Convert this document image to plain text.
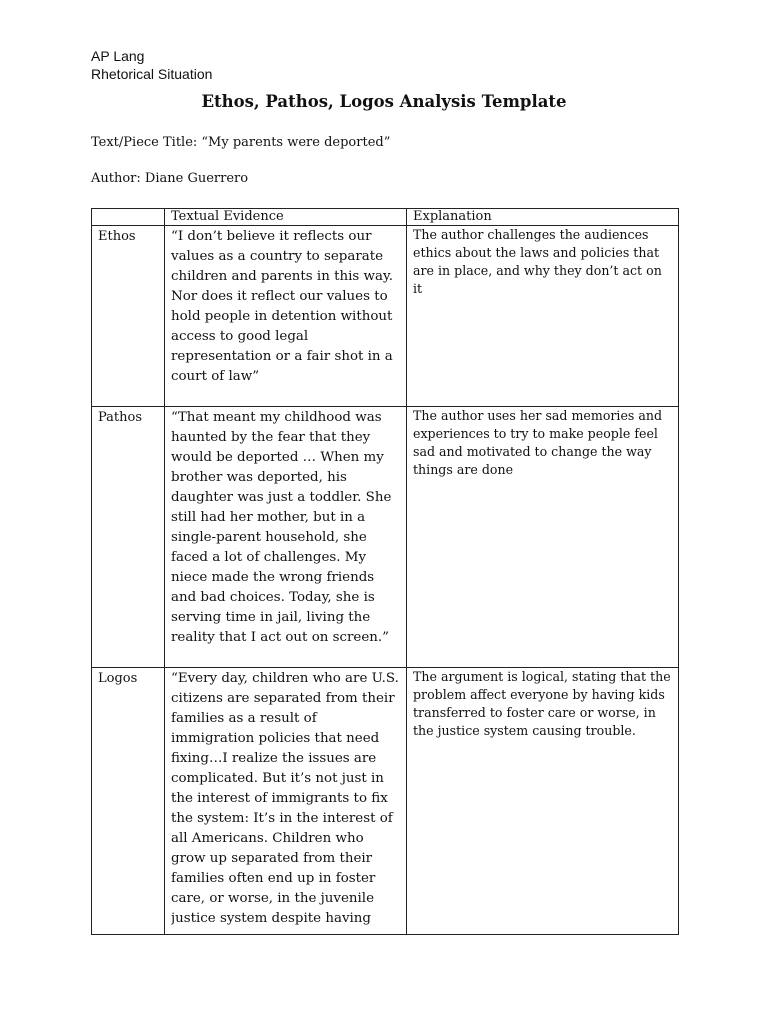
AP Lang
Rhetorical Situation
Ethos, Pathos, Logos Analysis Template
Text/Piece Title: “My parents were deported”
Author: Diane Guerrero
	Textual Evidence	Explanation
Ethos	“I don’t believe it reflects our values as a country to separate children and parents in this way. Nor does it reflect our values to hold people in detention without access to good legal representation or a fair shot in a court of law”	The author challenges the audiences ethics about the laws and policies that are in place, and why they don’t act on it
Pathos	“That meant my childhood was haunted by the fear that they would be deported … When my brother was deported, his daughter was just a toddler. She still had her mother, but in a single-parent household, she faced a lot of challenges. My niece made the wrong friends and bad choices. Today, she is serving time in jail, living the reality that I act out on screen.”	The author uses her sad memories and experiences to try to make people feel sad and motivated to change the way things are done
Logos	“Every day, children who are U.S. citizens are separated from their families as a result of immigration policies that need fixing…I realize the issues are complicated. But it’s not just in the interest of immigrants to fix the system: It’s in the interest of all Americans. Children who grow up separated from their families often end up in foster care, or worse, in the juvenile justice system despite having	The argument is logical, stating that the problem affect everyone by having kids transferred to foster care or worse, in the justice system causing trouble.
